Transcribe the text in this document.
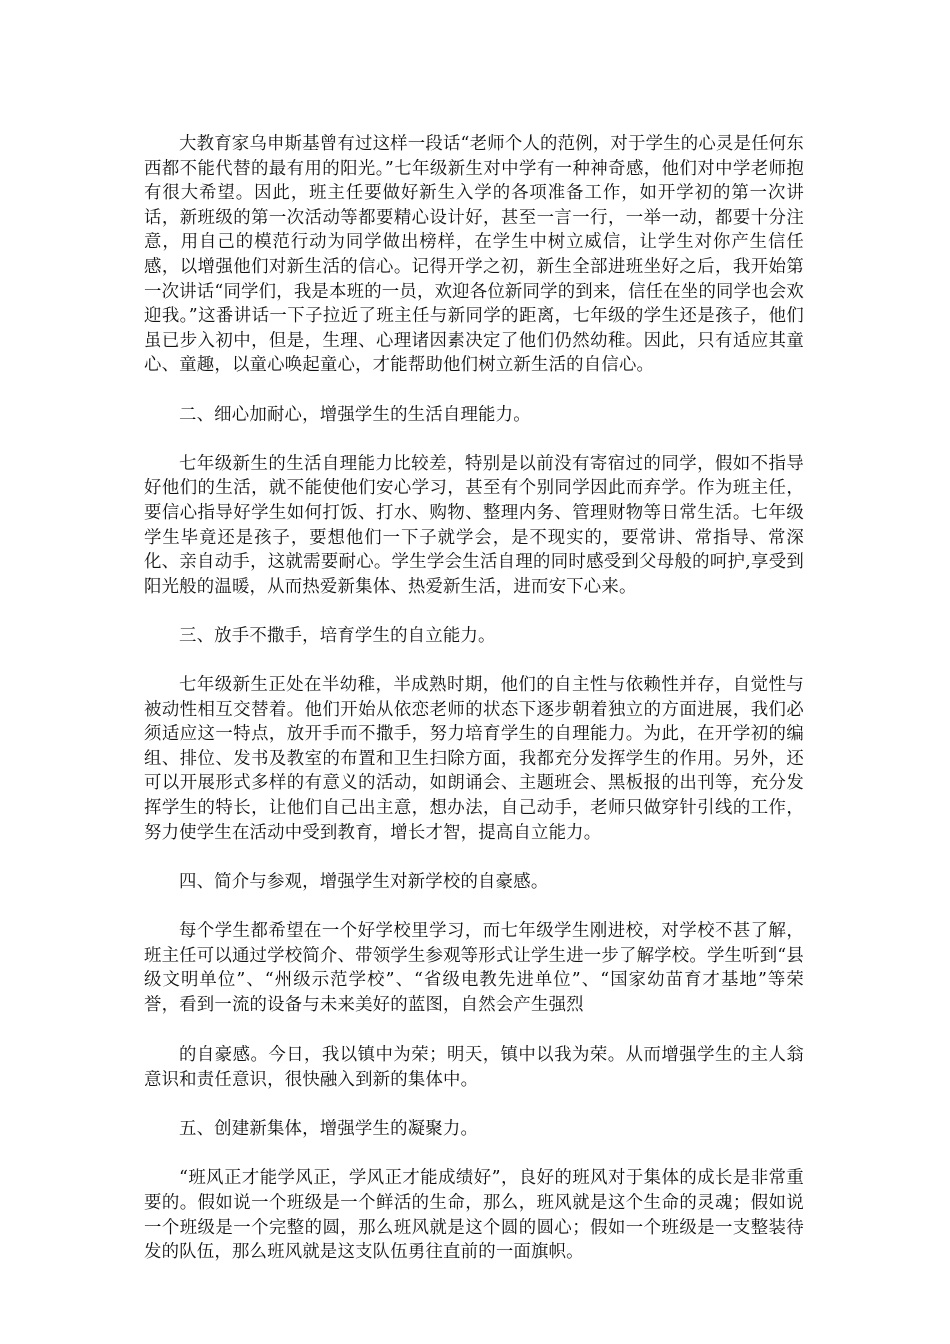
大教育家乌申斯基曾有过这样一段话“老师个人的范例，对于学生的心灵是任何东西都不能代替的最有用的阳光。”七年级新生对中学有一种神奇感，他们对中学老师抱有很大希望。因此，班主任要做好新生入学的各项准备工作，如开学初的第一次讲话，新班级的第一次活动等都要精心设计好，甚至一言一行，一举一动，都要十分注意，用自己的模范行动为同学做出榜样，在学生中树立威信，让学生对你产生信任感，以增强他们对新生活的信心。记得开学之初，新生全部进班坐好之后，我开始第一次讲话“同学们，我是本班的一员，欢迎各位新同学的到来，信任在坐的同学也会欢迎我。”这番讲话一下子拉近了班主任与新同学的距离，七年级的学生还是孩子，他们虽已步入初中，但是，生理、心理诸因素决定了他们仍然幼稚。因此，只有适应其童心、童趣，以童心唤起童心，才能帮助他们树立新生活的自信心。

二、细心加耐心，增强学生的生活自理能力。

七年级新生的生活自理能力比较差，特别是以前没有寄宿过的同学，假如不指导好他们的生活，就不能使他们安心学习，甚至有个别同学因此而弃学。作为班主任，要信心指导好学生如何打饭、打水、购物、整理内务、管理财物等日常生活。七年级学生毕竟还是孩子，要想他们一下子就学会，是不现实的，要常讲、常指导、常深化、亲自动手，这就需要耐心。学生学会生活自理的同时感受到父母般的呵护,享受到阳光般的温暖，从而热爱新集体、热爱新生活，进而安下心来。

三、放手不撒手，培育学生的自立能力。

七年级新生正处在半幼稚，半成熟时期，他们的自主性与依赖性并存，自觉性与被动性相互交替着。他们开始从依恋老师的状态下逐步朝着独立的方面进展，我们必须适应这一特点，放开手而不撒手，努力培育学生的自理能力。为此，在开学初的编组、排位、发书及教室的布置和卫生扫除方面，我都充分发挥学生的作用。另外，还可以开展形式多样的有意义的活动，如朗诵会、主题班会、黑板报的出刊等，充分发挥学生的特长，让他们自己出主意，想办法，自己动手，老师只做穿针引线的工作，努力使学生在活动中受到教育，增长才智，提高自立能力。

四、简介与参观，增强学生对新学校的自豪感。

每个学生都希望在一个好学校里学习，而七年级学生刚进校，对学校不甚了解，班主任可以通过学校简介、带领学生参观等形式让学生进一步了解学校。学生听到“县级文明单位”、“州级示范学校”、“省级电教先进单位”、“国家幼苗育才基地”等荣誉，看到一流的设备与未来美好的蓝图，自然会产生强烈

的自豪感。今日，我以镇中为荣；明天，镇中以我为荣。从而增强学生的主人翁意识和责任意识，很快融入到新的集体中。

五、创建新集体，增强学生的凝聚力。

“班风正才能学风正，学风正才能成绩好”，良好的班风对于集体的成长是非常重要的。假如说一个班级是一个鲜活的生命，那么，班风就是这个生命的灵魂；假如说一个班级是一个完整的圆，那么班风就是这个圆的圆心；假如一个班级是一支整装待发的队伍，那么班风就是这支队伍勇往直前的一面旗帜。
